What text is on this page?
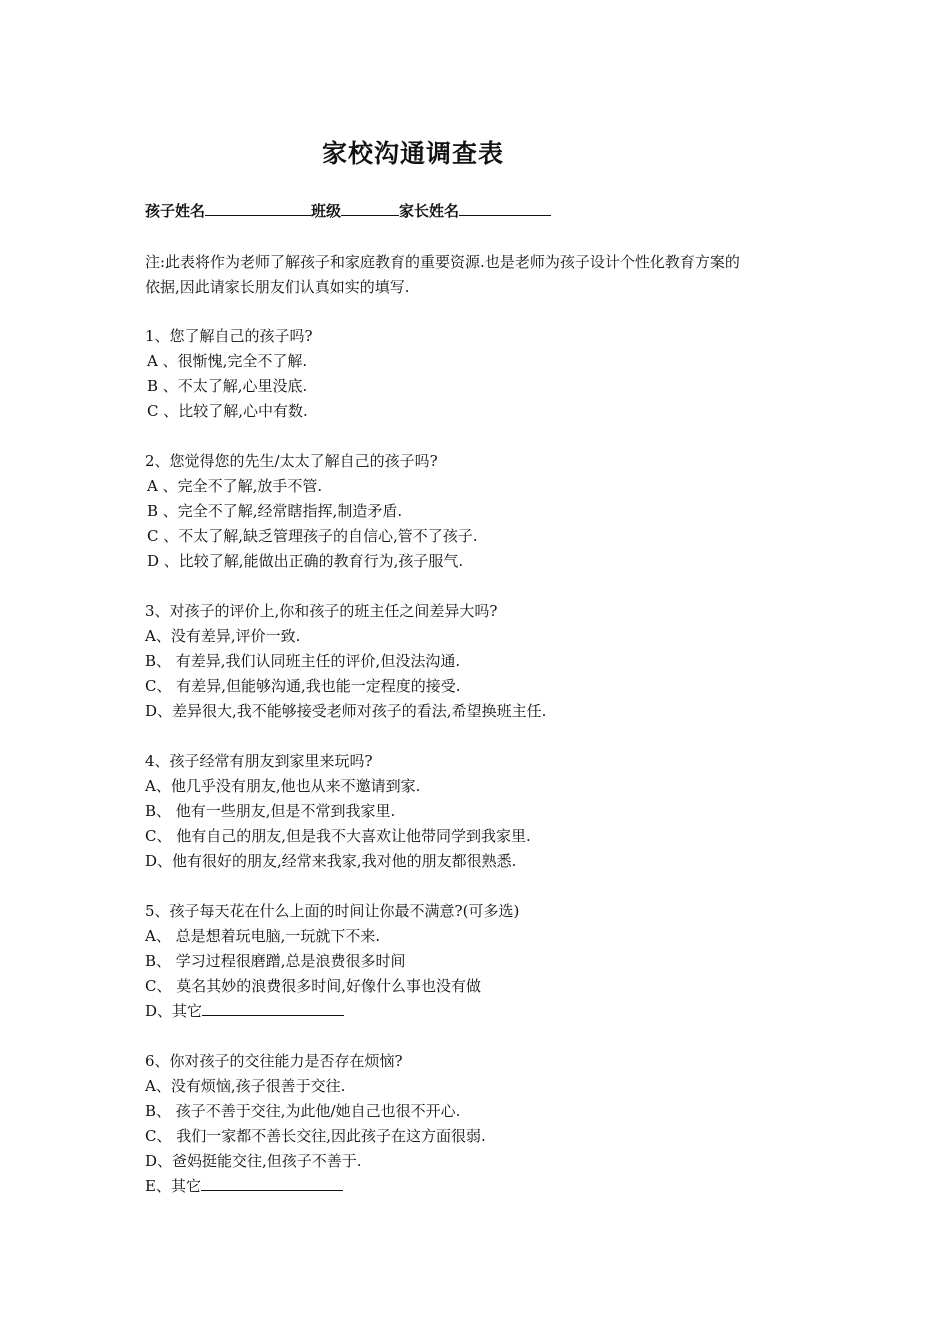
家校沟通调查表
孩子姓名	班级	家长姓名

注:此表将作为老师了解孩子和家庭教育的重要资源.也是老师为孩子设计个性化教育方案的

依据,因此请家长朋友们认真如实的填写.

1、您了解自己的孩子吗?
A 、很惭愧,完全不了解.
B 、不太了解,心里没底.
C 、比较了解,心中有数.
2、您觉得您的先生/太太了解自己的孩子吗?
A 、完全不了解,放手不管.
B 、完全不了解,经常瞎指挥,制造矛盾.
C 、不太了解,缺乏管理孩子的自信心,管不了孩子.
D 、比较了解,能做出正确的教育行为,孩子服气.
3、对孩子的评价上,你和孩子的班主任之间差异大吗?
A、没有差异,评价一致.
B、 有差异,我们认同班主任的评价,但没法沟通.
C、 有差异,但能够沟通,我也能一定程度的接受.
D、差异很大,我不能够接受老师对孩子的看法,希望换班主任.
4、孩子经常有朋友到家里来玩吗?
A、他几乎没有朋友,他也从来不邀请到家.
B、 他有一些朋友,但是不常到我家里.
C、 他有自己的朋友,但是我不大喜欢让他带同学到我家里.
D、他有很好的朋友,经常来我家,我对他的朋友都很熟悉.
5、孩子每天花在什么上面的时间让你最不满意?(可多选)
A、 总是想着玩电脑,一玩就下不来.
B、 学习过程很磨蹭,总是浪费很多时间
C、 莫名其妙的浪费很多时间,好像什么事也没有做
D、其它
6、你对孩子的交往能力是否存在烦恼?
A、没有烦恼,孩子很善于交往.
B、 孩子不善于交往,为此他/她自己也很不开心.
C、 我们一家都不善长交往,因此孩子在这方面很弱.
D、爸妈挺能交往,但孩子不善于.
E、其它
